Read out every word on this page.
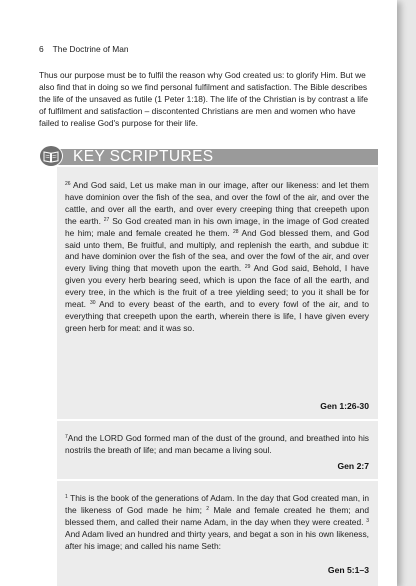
6 The Doctrine of Man

Thus our purpose must be to fulfil the reason why God created us: to glorify Him. But we also find that in doing so we find personal fulfilment and satisfaction. The Bible describes the life of the unsaved as futile (1 Peter 1:18). The life of the Christian is by contrast a life of fulfilment and satisfaction – discontented Christians are men and women who have failed to realise God's purpose for their life.

KEY SCRIPTURES

$^{26}$ And God said, Let us make man in our image, after our likeness: and let them have dominion over the fish of the sea, and over the fowl of the air, and over the cattle, and over all the earth, and over every creeping thing that creepeth upon the earth. $^{27}$ So God created man in his own image, in the image of God created he him; male and female created he them. $^{28}$ And God blessed them, and God said unto them, Be fruitful, and multiply, and replenish the earth, and subdue it: and have dominion over the fish of the sea, and over the fowl of the air, and over every living thing that moveth upon the earth. $^{29}$ And God said, Behold, I have given you every herb bearing seed, which is upon the face of all the earth, and every tree, in the which is the fruit of a tree yielding seed; to you it shall be for meat. $^{30}$ And to every beast of the earth, and to every fowl of the air, and to everything that creepeth upon the earth, wherein there is life, I have given every green herb for meat: and it was so.

Gen 1:26-30

$^7$And the LORD God formed man of the dust of the ground, and breathed into his nostrils the breath of life; and man became a living soul.

Gen 2:7

$^1$ This is the book of the generations of Adam. In the day that God created man, in the likeness of God made he him; $^2$ Male and female created he them; and blessed them, and called their name Adam, in the day when they were created. $^3$ And Adam lived an hundred and thirty years, and begat a son in his own likeness, after his image; and called his name Seth:

Gen 5:1–3
